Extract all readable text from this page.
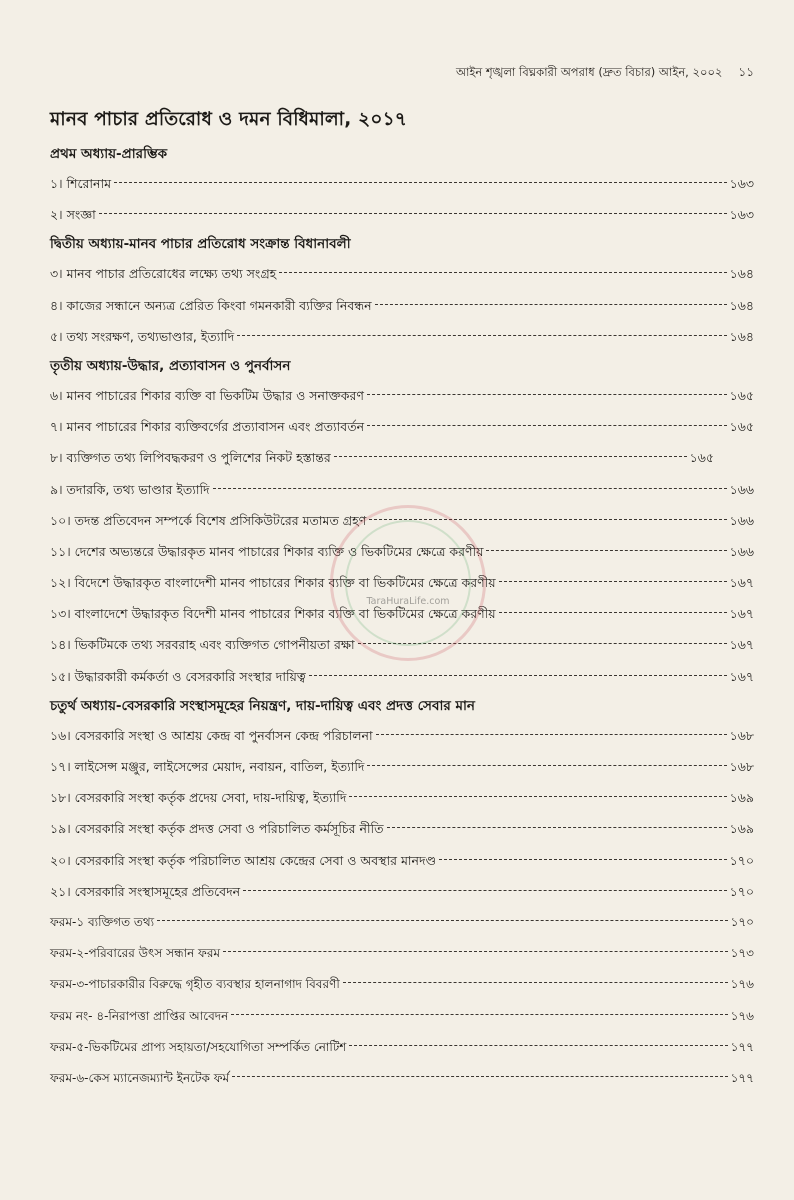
আইন শৃঙ্খলা বিঘ্নকারী অপরাধ (দ্রুত বিচার) আইন, ২০০২ ১১
মানব পাচার প্রতিরোধ ও দমন বিধিমালা, ২০১৭
প্রথম অধ্যায়-প্রারম্ভিক
১। শিরোনাম	১৬৩
২। সংজ্ঞা	১৬৩
দ্বিতীয় অধ্যায়-মানব পাচার প্রতিরোধ সংক্রান্ত বিধানাবলী
৩। মানব পাচার প্রতিরোধের লক্ষ্যে তথ্য সংগ্রহ	১৬৪
৪। কাজের সন্ধানে অন্যত্র প্রেরিত কিংবা গমনকারী ব্যক্তির নিবন্ধন	১৬৪
৫। তথ্য সংরক্ষণ, তথ্যভাণ্ডার, ইত্যাদি	১৬৪
তৃতীয় অধ্যায়-উদ্ধার, প্রত্যাবাসন ও পুনর্বাসন
৬। মানব পাচারের শিকার ব্যক্তি বা ভিকটিম উদ্ধার ও সনাক্তকরণ	১৬৫
৭। মানব পাচারের শিকার ব্যক্তিবর্গের প্রত্যাবাসন এবং প্রত্যাবর্তন	১৬৫
৮। ব্যক্তিগত তথ্য লিপিবদ্ধকরণ ও পুলিশের নিকট হস্তান্তর	১৬৫
৯। তদারকি, তথ্য ভাণ্ডার ইত্যাদি	১৬৬
১০। তদন্ত প্রতিবেদন সম্পর্কে বিশেষ প্রসিকিউটরের মতামত গ্রহণ	১৬৬
১১। দেশের অভ্যন্তরে উদ্ধারকৃত মানব পাচারের শিকার ব্যক্তি ও ভিকটিমের ক্ষেত্রে করণীয়	১৬৬
১২। বিদেশে উদ্ধারকৃত বাংলাদেশী মানব পাচারের শিকার ব্যক্তি বা ভিকটিমের ক্ষেত্রে করণীয়	১৬৭
১৩। বাংলাদেশে উদ্ধারকৃত বিদেশী মানব পাচারের শিকার ব্যক্তি বা ভিকটিমের ক্ষেত্রে করণীয়	১৬৭
১৪। ভিকটিমকে তথ্য সরবরাহ এবং ব্যক্তিগত গোপনীয়তা রক্ষা	১৬৭
১৫। উদ্ধারকারী কর্মকর্তা ও বেসরকারি সংস্থার দায়িত্ব	১৬৭
চতুর্থ অধ্যায়-বেসরকারি সংস্থাসমূহের নিয়ন্ত্রণ, দায়-দায়িত্ব এবং প্রদত্ত সেবার মান
১৬। বেসরকারি সংস্থা ও আশ্রয় কেন্দ্র বা পুনর্বাসন কেন্দ্র পরিচালনা	১৬৮
১৭। লাইসেন্স মঞ্জুর, লাইসেন্সের মেয়াদ, নবায়ন, বাতিল, ইত্যাদি	১৬৮
১৮। বেসরকারি সংস্থা কর্তৃক প্রদেয় সেবা, দায়-দায়িত্ব, ইত্যাদি	১৬৯
১৯। বেসরকারি সংস্থা কর্তৃক প্রদত্ত সেবা ও পরিচালিত কর্মসূচির নীতি	১৬৯
২০। বেসরকারি সংস্থা কর্তৃক পরিচালিত আশ্রয় কেন্দ্রের সেবা ও অবস্থার মানদণ্ড	১৭০
২১। বেসরকারি সংস্থাসমূহের প্রতিবেদন	১৭০
ফরম-১ ব্যক্তিগত তথ্য	১৭০
ফরম-২-পরিবারের উৎস সন্ধান ফরম	১৭৩
ফরম-৩-পাচারকারীর বিরুদ্ধে গৃহীত ব্যবস্থার হালনাগাদ বিবরণী	১৭৬
ফরম নং- ৪-নিরাপত্তা প্রাপ্তির আবেদন	১৭৬
ফরম-৫-ভিকটিমের প্রাপ্য সহায়তা/সহযোগিতা সম্পর্কিত নোটিশ	১৭৭
ফরম-৬-কেস ম্যানেজম্যান্ট ইনটেক ফর্ম	১৭৭
TaraHuraLife.com
